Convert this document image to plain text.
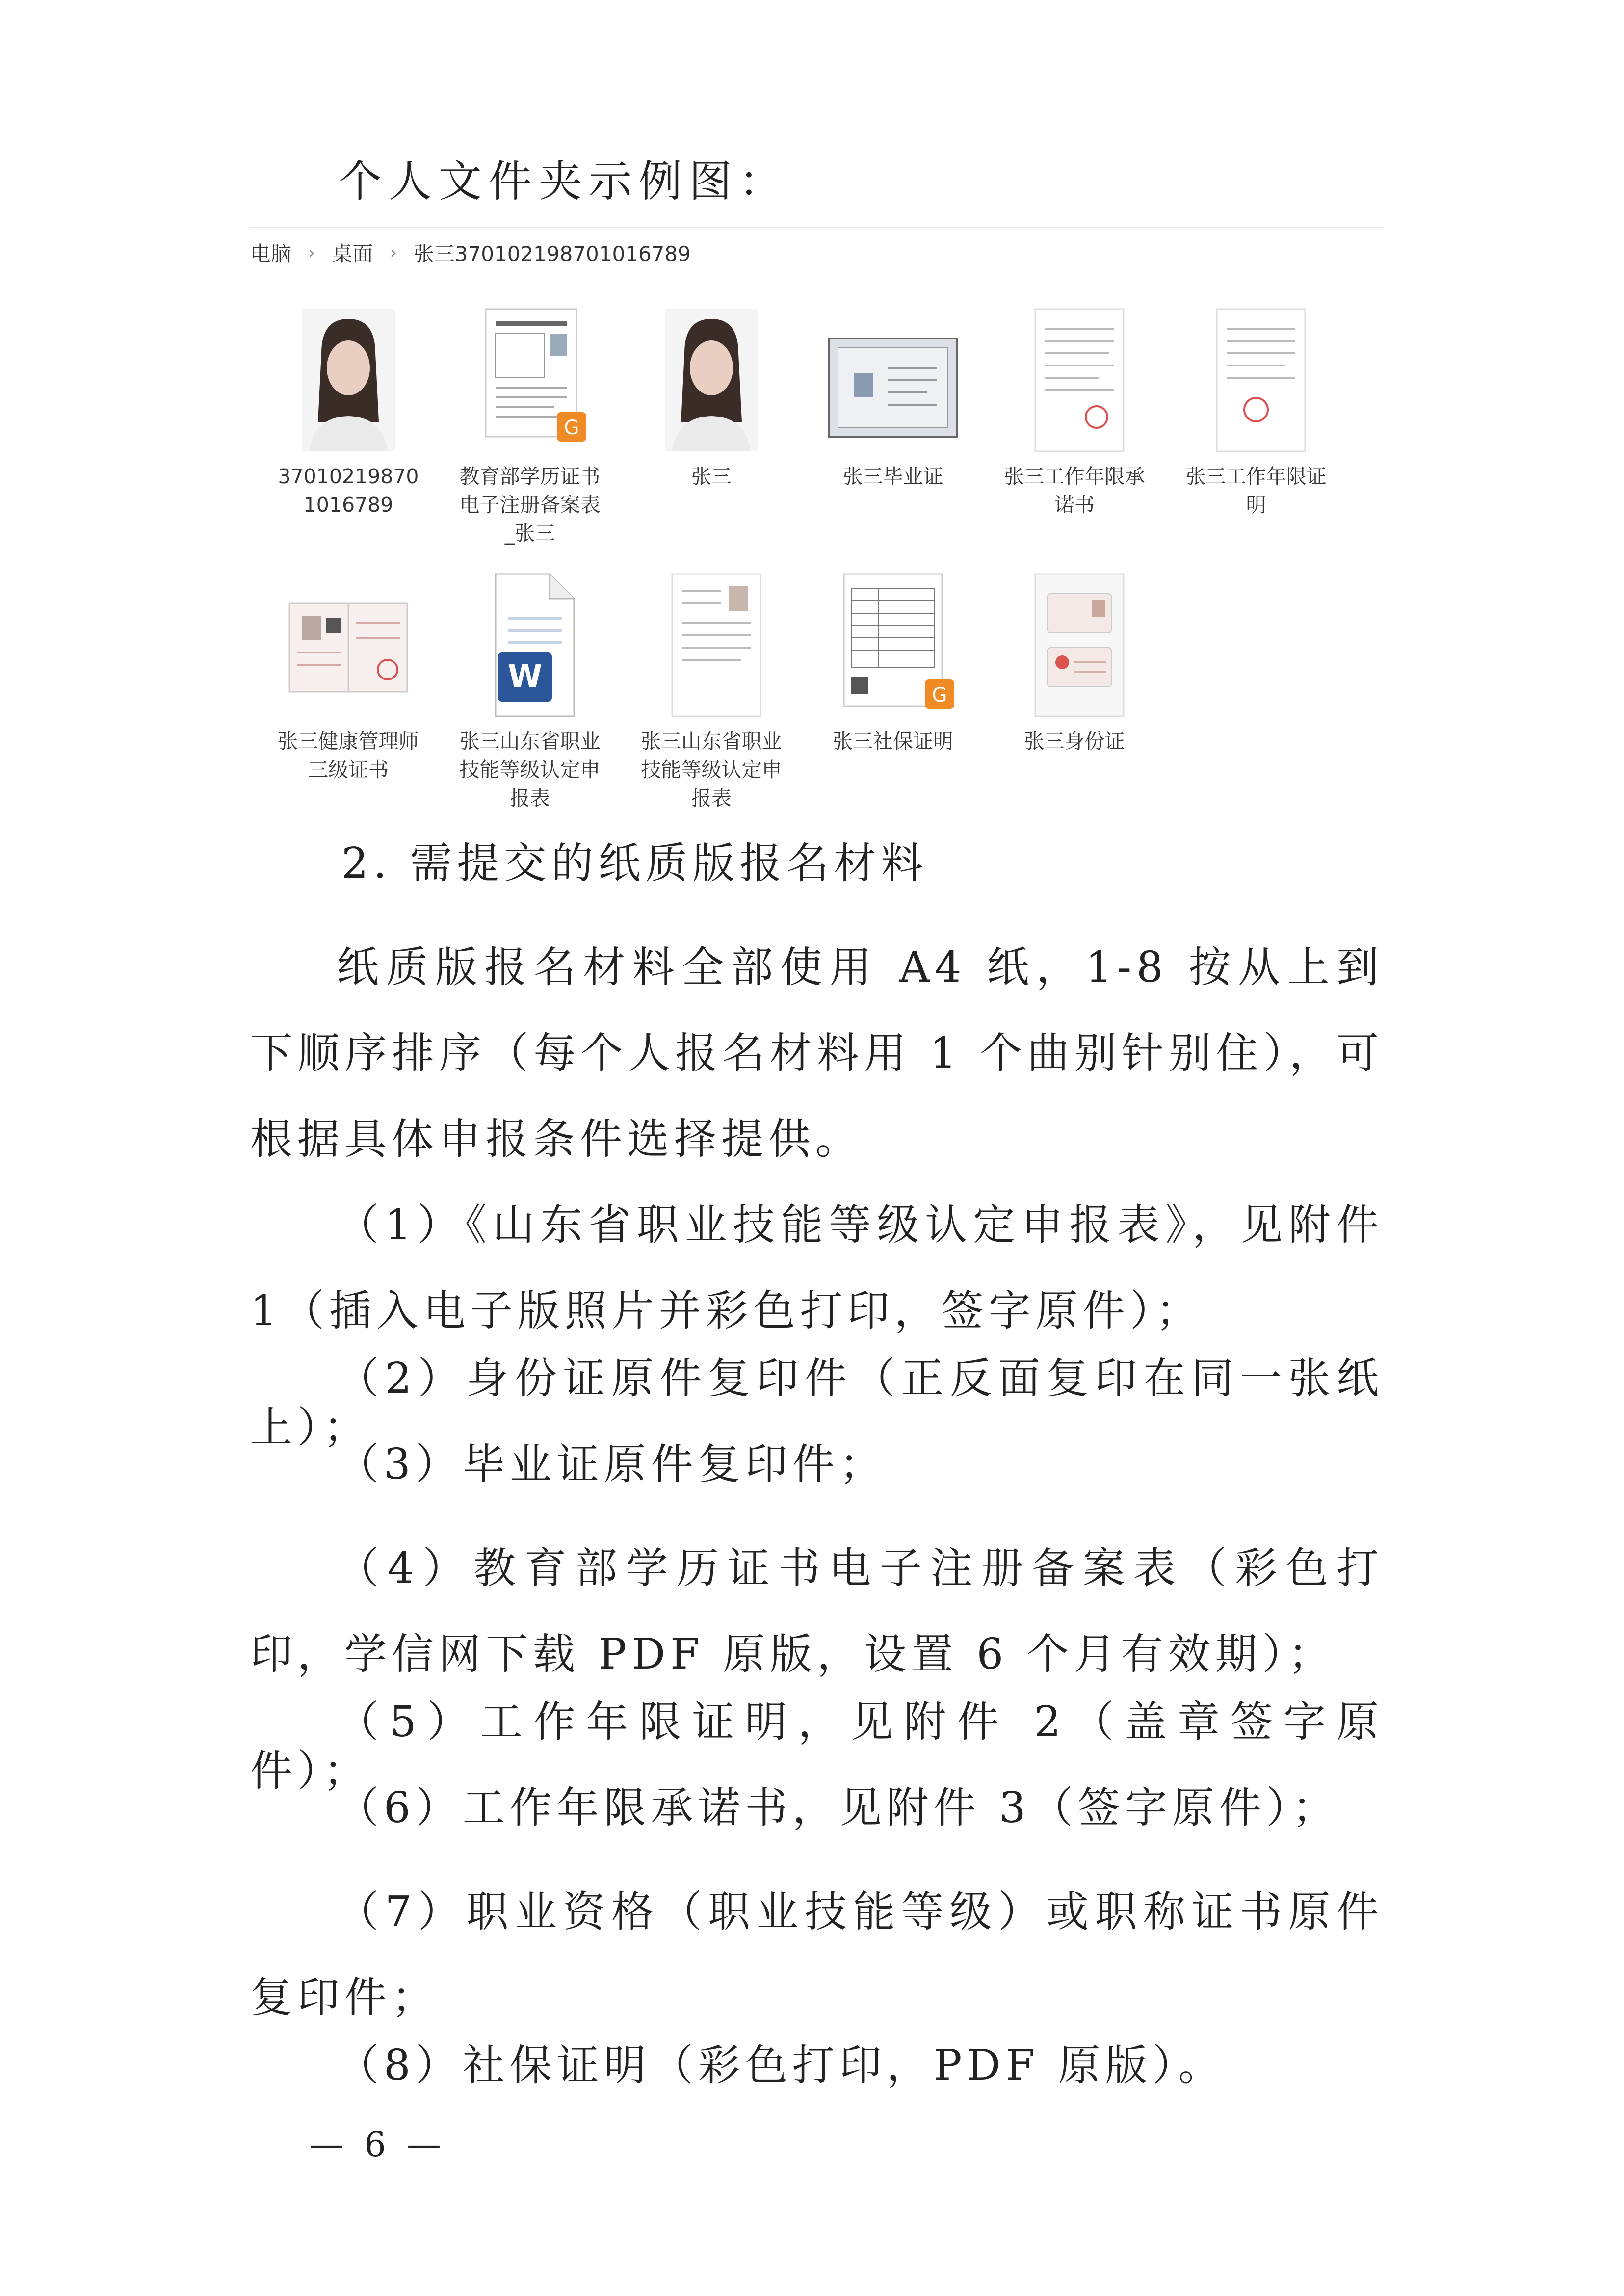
个人文件夹示例图：
电脑 › 桌面 › 张三370102198701016789
370102198701016789
G
教育部学历证书电子注册备案表_张三
张三	张三毕业证	张三工作年限承诺书
张三工作年限证明
张三健康管理师三级证书
W
张三山东省职业技能等级认定申报表
张三山东省职业技能等级认定申报表
G
张三社保证明	张三身份证
2. 需提交的纸质版报名材料
纸质版报名材料全部使用 A4 纸，1-8 按从上到下顺序排序（每个人报名材料用 1 个曲别针别住），可根据具体申报条件选择提供。
（1）《山东省职业技能等级认定申报表》，见附件 1（插入电子版照片并彩色打印，签字原件）；
（2）身份证原件复印件（正反面复印在同一张纸上）；
（3）毕业证原件复印件；
（4）教育部学历证书电子注册备案表（彩色打印，学信网下载 PDF 原版，设置 6 个月有效期）；
（5）工作年限证明，见附件 2（盖章签字原件）；
（6）工作年限承诺书，见附件 3（签字原件）；
（7）职业资格（职业技能等级）或职称证书原件复印件；
（8）社保证明（彩色打印，PDF 原版）。
— 6 —
